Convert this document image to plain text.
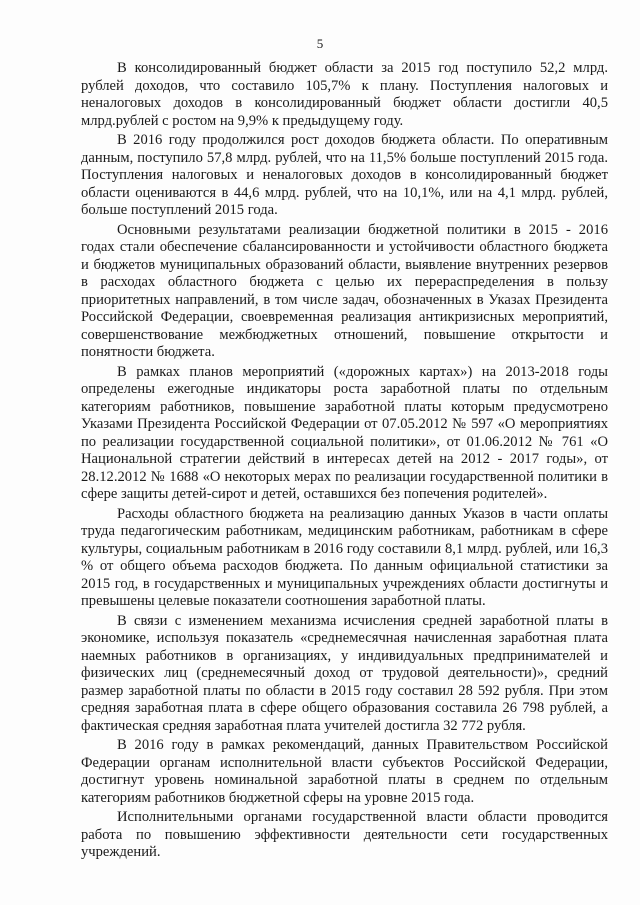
5

В консолидированный бюджет области за 2015 год поступило 52,2 млрд. рублей доходов, что составило 105,7% к плану. Поступления налоговых и неналоговых доходов в консолидированный бюджет области достигли 40,5 млрд.рублей с ростом на 9,9% к предыдущему году.

В 2016 году продолжился рост доходов бюджета области. По оперативным данным, поступило 57,8 млрд. рублей, что на 11,5% больше поступлений 2015 года. Поступления налоговых и неналоговых доходов в консолидированный бюджет области оцениваются в 44,6 млрд. рублей, что на 10,1%, или на 4,1 млрд. рублей, больше поступлений 2015 года.

Основными результатами реализации бюджетной политики в 2015 - 2016 годах стали обеспечение сбалансированности и устойчивости областного бюджета и бюджетов муниципальных образований области, выявление внутренних резервов в расходах областного бюджета с целью их перераспределения в пользу приоритетных направлений, в том числе задач, обозначенных в Указах Президента Российской Федерации, своевременная реализация антикризисных мероприятий, совершенствование межбюджетных отношений, повышение открытости и понятности бюджета.

В рамках планов мероприятий («дорожных картах») на 2013-2018 годы определены ежегодные индикаторы роста заработной платы по отдельным категориям работников, повышение заработной платы которым предусмотрено Указами Президента Российской Федерации от 07.05.2012 № 597 «О мероприятиях по реализации государственной социальной политики», от 01.06.2012 № 761 «О Национальной стратегии действий в интересах детей на 2012 - 2017 годы», от 28.12.2012 № 1688 «О некоторых мерах по реализации государственной политики в сфере защиты детей-сирот и детей, оставшихся без попечения родителей».

Расходы областного бюджета на реализацию данных Указов в части оплаты труда педагогическим работникам, медицинским работникам, работникам в сфере культуры, социальным работникам в 2016 году составили 8,1 млрд. рублей, или 16,3 % от общего объема расходов бюджета. По данным официальной статистики за 2015 год, в государственных и муниципальных учреждениях области достигнуты и превышены целевые показатели соотношения заработной платы.

В связи с изменением механизма исчисления средней заработной платы в экономике, используя показатель «среднемесячная начисленная заработная плата наемных работников в организациях, у индивидуальных предпринимателей и физических лиц (среднемесячный доход от трудовой деятельности)», средний размер заработной платы по области в 2015 году составил 28 592 рубля. При этом средняя заработная плата в сфере общего образования составила 26 798 рублей, а фактическая средняя заработная плата учителей достигла 32 772 рубля.

В 2016 году в рамках рекомендаций, данных Правительством Российской Федерации органам исполнительной власти субъектов Российской Федерации, достигнут уровень номинальной заработной платы в среднем по отдельным категориям работников бюджетной сферы на уровне 2015 года.

Исполнительными органами государственной власти области проводится работа по повышению эффективности деятельности сети государственных учреждений.
